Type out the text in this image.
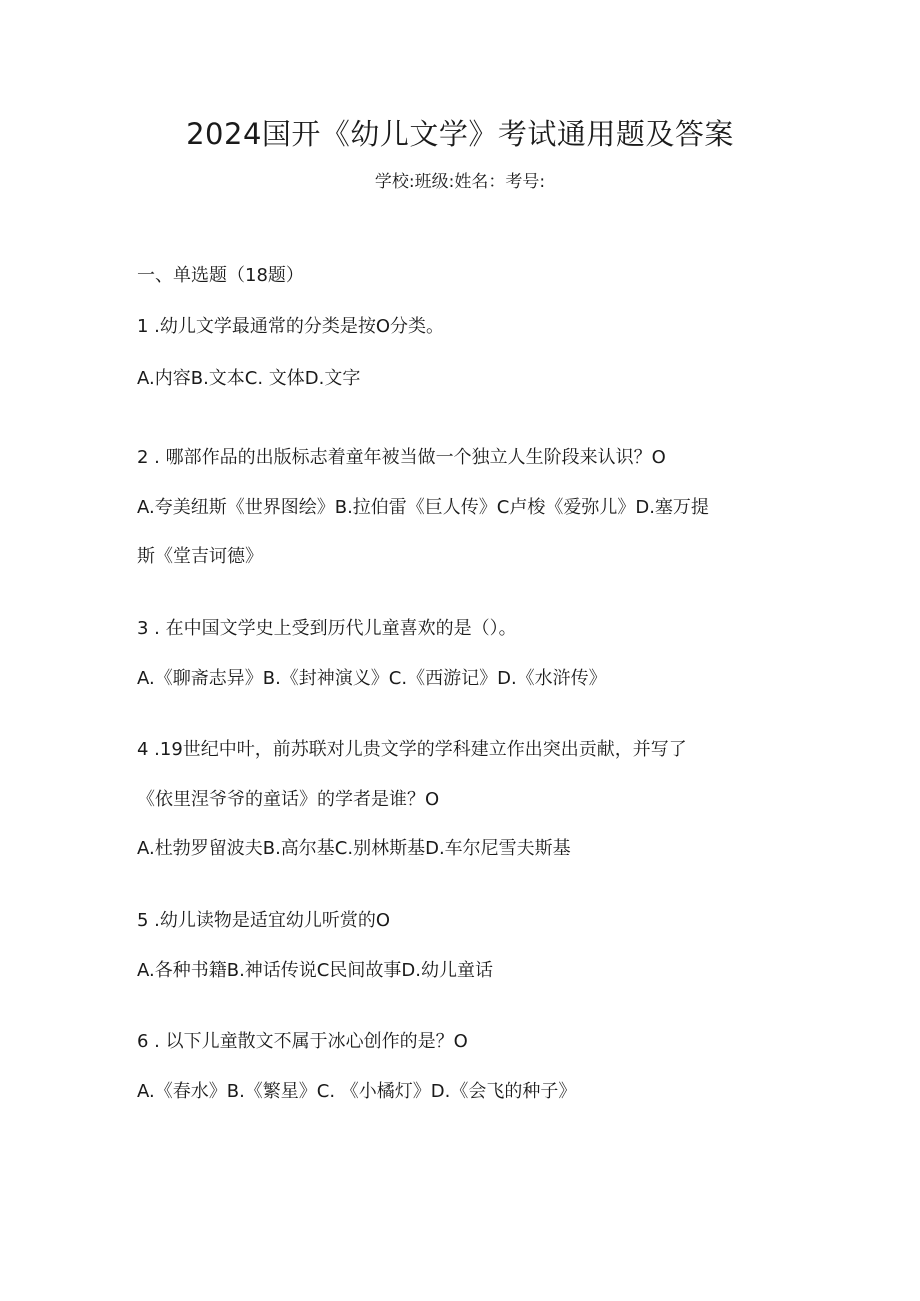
2024国开《幼儿文学》考试通用题及答案
学校:班级:姓名：考号:
一、单选题（18题）
1 .幼儿文学最通常的分类是按O分类。
A.内容B.文本C. 文体D.文字
2 . 哪部作品的出版标志着童年被当做一个独立人生阶段来认识？O
A.夸美纽斯《世界图绘》B.拉伯雷《巨人传》C卢梭《爱弥儿》D.塞万提
斯《堂吉诃德》
3 . 在中国文学史上受到历代儿童喜欢的是（）。
A.《聊斋志异》B.《封神演义》C.《西游记》D.《水浒传》
4 .19世纪中叶，前苏联对儿贵文学的学科建立作出突出贡献，并写了
《依里涅爷爷的童话》的学者是谁？O
A.杜勃罗留波夫B.高尔基C.别林斯基D.车尔尼雪夫斯基
5 .幼儿读物是适宜幼儿听赏的O
A.各种书籍B.神话传说C民间故事D.幼儿童话
6 . 以下儿童散文不属于冰心创作的是？O
A.《春水》B.《繁星》C. 《小橘灯》D.《会飞的种子》
